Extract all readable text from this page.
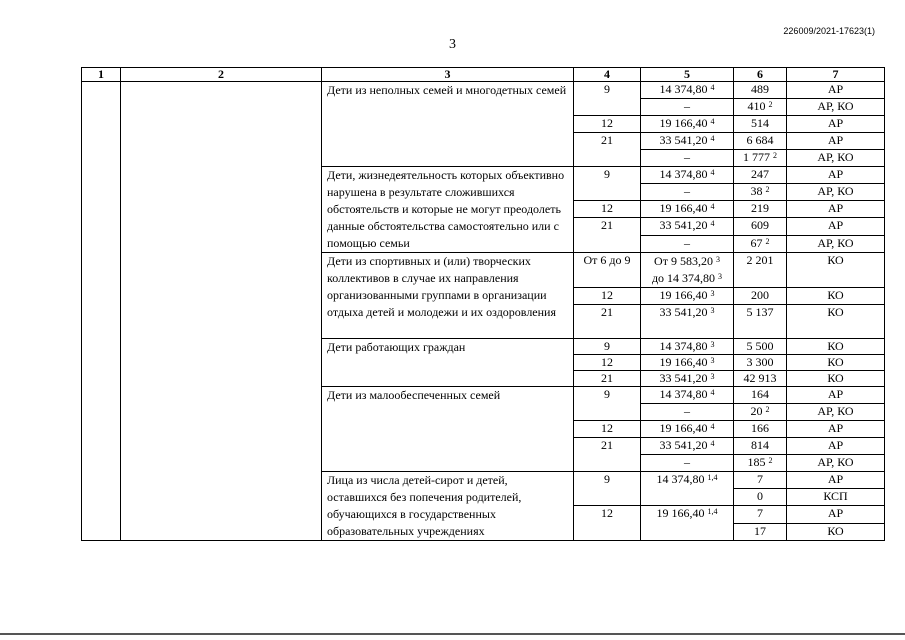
226009/2021-17623(1)
3
1	2	3	4	5	6	7
		Дети из неполных семей и многодетных семей	9	14 374,80 $^4$	489	АР
				–	410 $^2$	АР, КО
			12	19 166,40 $^4$	514	АР
			21	33 541,20 $^4$	6 684	АР
				–	1 777 $^2$	АР, КО
		Дети, жизнедеятельность которых объективно нарушена в результате сложившихся обстоятельств и которые не могут преодолеть данные обстоятельства самостоятельно или с помощью семьи	9	14 374,80 $^4$	247	АР
				–	38 $^2$	АР, КО
			12	19 166,40 $^4$	219	АР
			21	33 541,20 $^4$	609	АР
				–	67 $^2$	АР, КО
		Дети из спортивных и (или) творческих коллективов в случае их направления организованными группами в организации отдыха детей и молодежи и их оздоровления	От 6 до 9	От 9 583,20 $^3$
до 14 374,80 $^3$	2 201	КО
			12	19 166,40 $^3$	200	КО
			21	33 541,20 $^3$	5 137	КО
		Дети работающих граждан	9	14 374,80 $^3$	5 500	КО
			12	19 166,40 $^3$	3 300	КО
			21	33 541,20 $^3$	42 913	КО
		Дети из малообеспеченных семей	9	14 374,80 $^4$	164	АР
				–	20 $^2$	АР, КО
			12	19 166,40 $^4$	166	АР
			21	33 541,20 $^4$	814	АР
				–	185 $^2$	АР, КО
		Лица из числа детей-сирот и детей, оставшихся без попечения родителей, обучающихся в государственных образовательных учреждениях	9	14 374,80 $^{1,4}$	7	АР
					0	КСП
			12	19 166,40 $^{1,4}$	7	АР
					17	КО
